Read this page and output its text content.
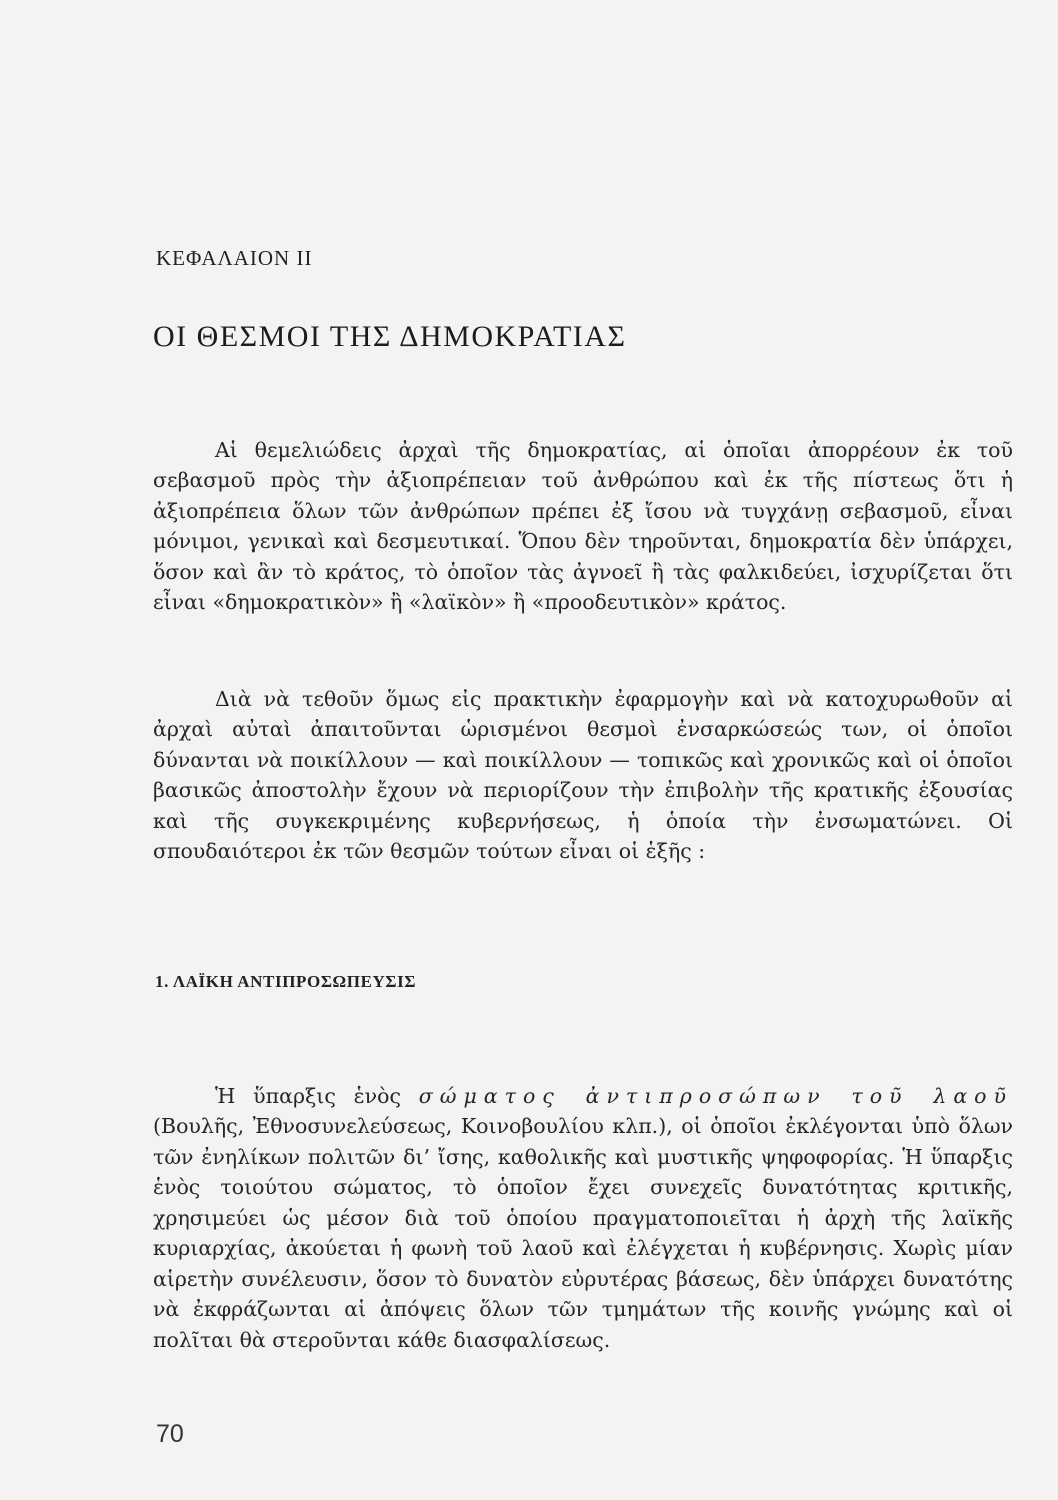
ΚΕΦΑΛΑΙΟΝ ΙΙ
ΟΙ ΘΕΣΜΟΙ ΤΗΣ ΔΗΜΟΚΡΑΤΙΑΣ

Αἱ θεμελιώδεις ἀρχαὶ τῆς δημοκρατίας, αἱ ὁποῖαι ἀπορρέουν ἐκ τοῦ σεβασμοῦ πρὸς τὴν ἀξιοπρέπειαν τοῦ ἀνθρώπου καὶ ἐκ τῆς πίστεως ὅτι ἡ ἀξιοπρέπεια ὅλων τῶν ἀνθρώπων πρέπει ἐξ ἴσου νὰ τυγχάνῃ σεβασμοῦ, εἶναι μόνιμοι, γενικαὶ καὶ δεσμευτικαί. Ὅπου δὲν τηροῦνται, δημοκρατία δὲν ὑπάρχει, ὅσον καὶ ἂν τὸ κράτος, τὸ ὁποῖον τὰς ἀγνοεῖ ἢ τὰς φαλκιδεύει, ἰσχυρίζεται ὅτι εἶναι «δημοκρατικὸν» ἢ «λαϊκὸν» ἢ «προοδευτικὸν» κράτος.

Διὰ νὰ τεθοῦν ὅμως εἰς πρακτικὴν ἐφαρμογὴν καὶ νὰ κατοχυρωθοῦν αἱ ἀρχαὶ αὐταὶ ἀπαιτοῦνται ὡρισμένοι θεσμοὶ ἐνσαρκώσεώς των, οἱ ὁποῖοι δύνανται νὰ ποικίλλουν — καὶ ποικίλλουν — τοπικῶς καὶ χρονικῶς καὶ οἱ ὁποῖοι βασικῶς ἀποστολὴν ἔχουν νὰ περιορίζουν τὴν ἐπιβολὴν τῆς κρατικῆς ἐξουσίας καὶ τῆς συγκεκριμένης κυβερνήσεως, ἡ ὁποία τὴν ἐνσωματώνει. Οἱ σπουδαιότεροι ἐκ τῶν θεσμῶν τούτων εἶναι οἱ ἑξῆς :

1. ΛΑΪΚΗ ΑΝΤΙΠΡΟΣΩΠΕΥΣΙΣ

Ἡ ὕπαρξις ἑνὸς σώματος ἀντιπροσώπων τοῦ λαοῦ (Βουλῆς, Ἐθνοσυνελεύσεως, Κοινοβουλίου κλπ.), οἱ ὁποῖοι ἐκλέγονται ὑπὸ ὅλων τῶν ἐνηλίκων πολιτῶν δι’ ἴσης, καθολικῆς καὶ μυστικῆς ψηφοφορίας. Ἡ ὕπαρξις ἑνὸς τοιούτου σώματος, τὸ ὁποῖον ἔχει συνεχεῖς δυνατότητας κριτικῆς, χρησιμεύει ὡς μέσον διὰ τοῦ ὁποίου πραγματοποιεῖται ἡ ἀρχὴ τῆς λαϊκῆς κυριαρχίας, ἀκούεται ἡ φωνὴ τοῦ λαοῦ καὶ ἐλέγχεται ἡ κυβέρνησις. Χωρὶς μίαν αἱρετὴν συνέλευσιν, ὅσον τὸ δυνατὸν εὐρυτέρας βάσεως, δὲν ὑπάρχει δυνατότης νὰ ἐκφράζωνται αἱ ἀπόψεις ὅλων τῶν τμημάτων τῆς κοινῆς γνώμης καὶ οἱ πολῖται θὰ στεροῦνται κάθε διασφαλίσεως.

70
